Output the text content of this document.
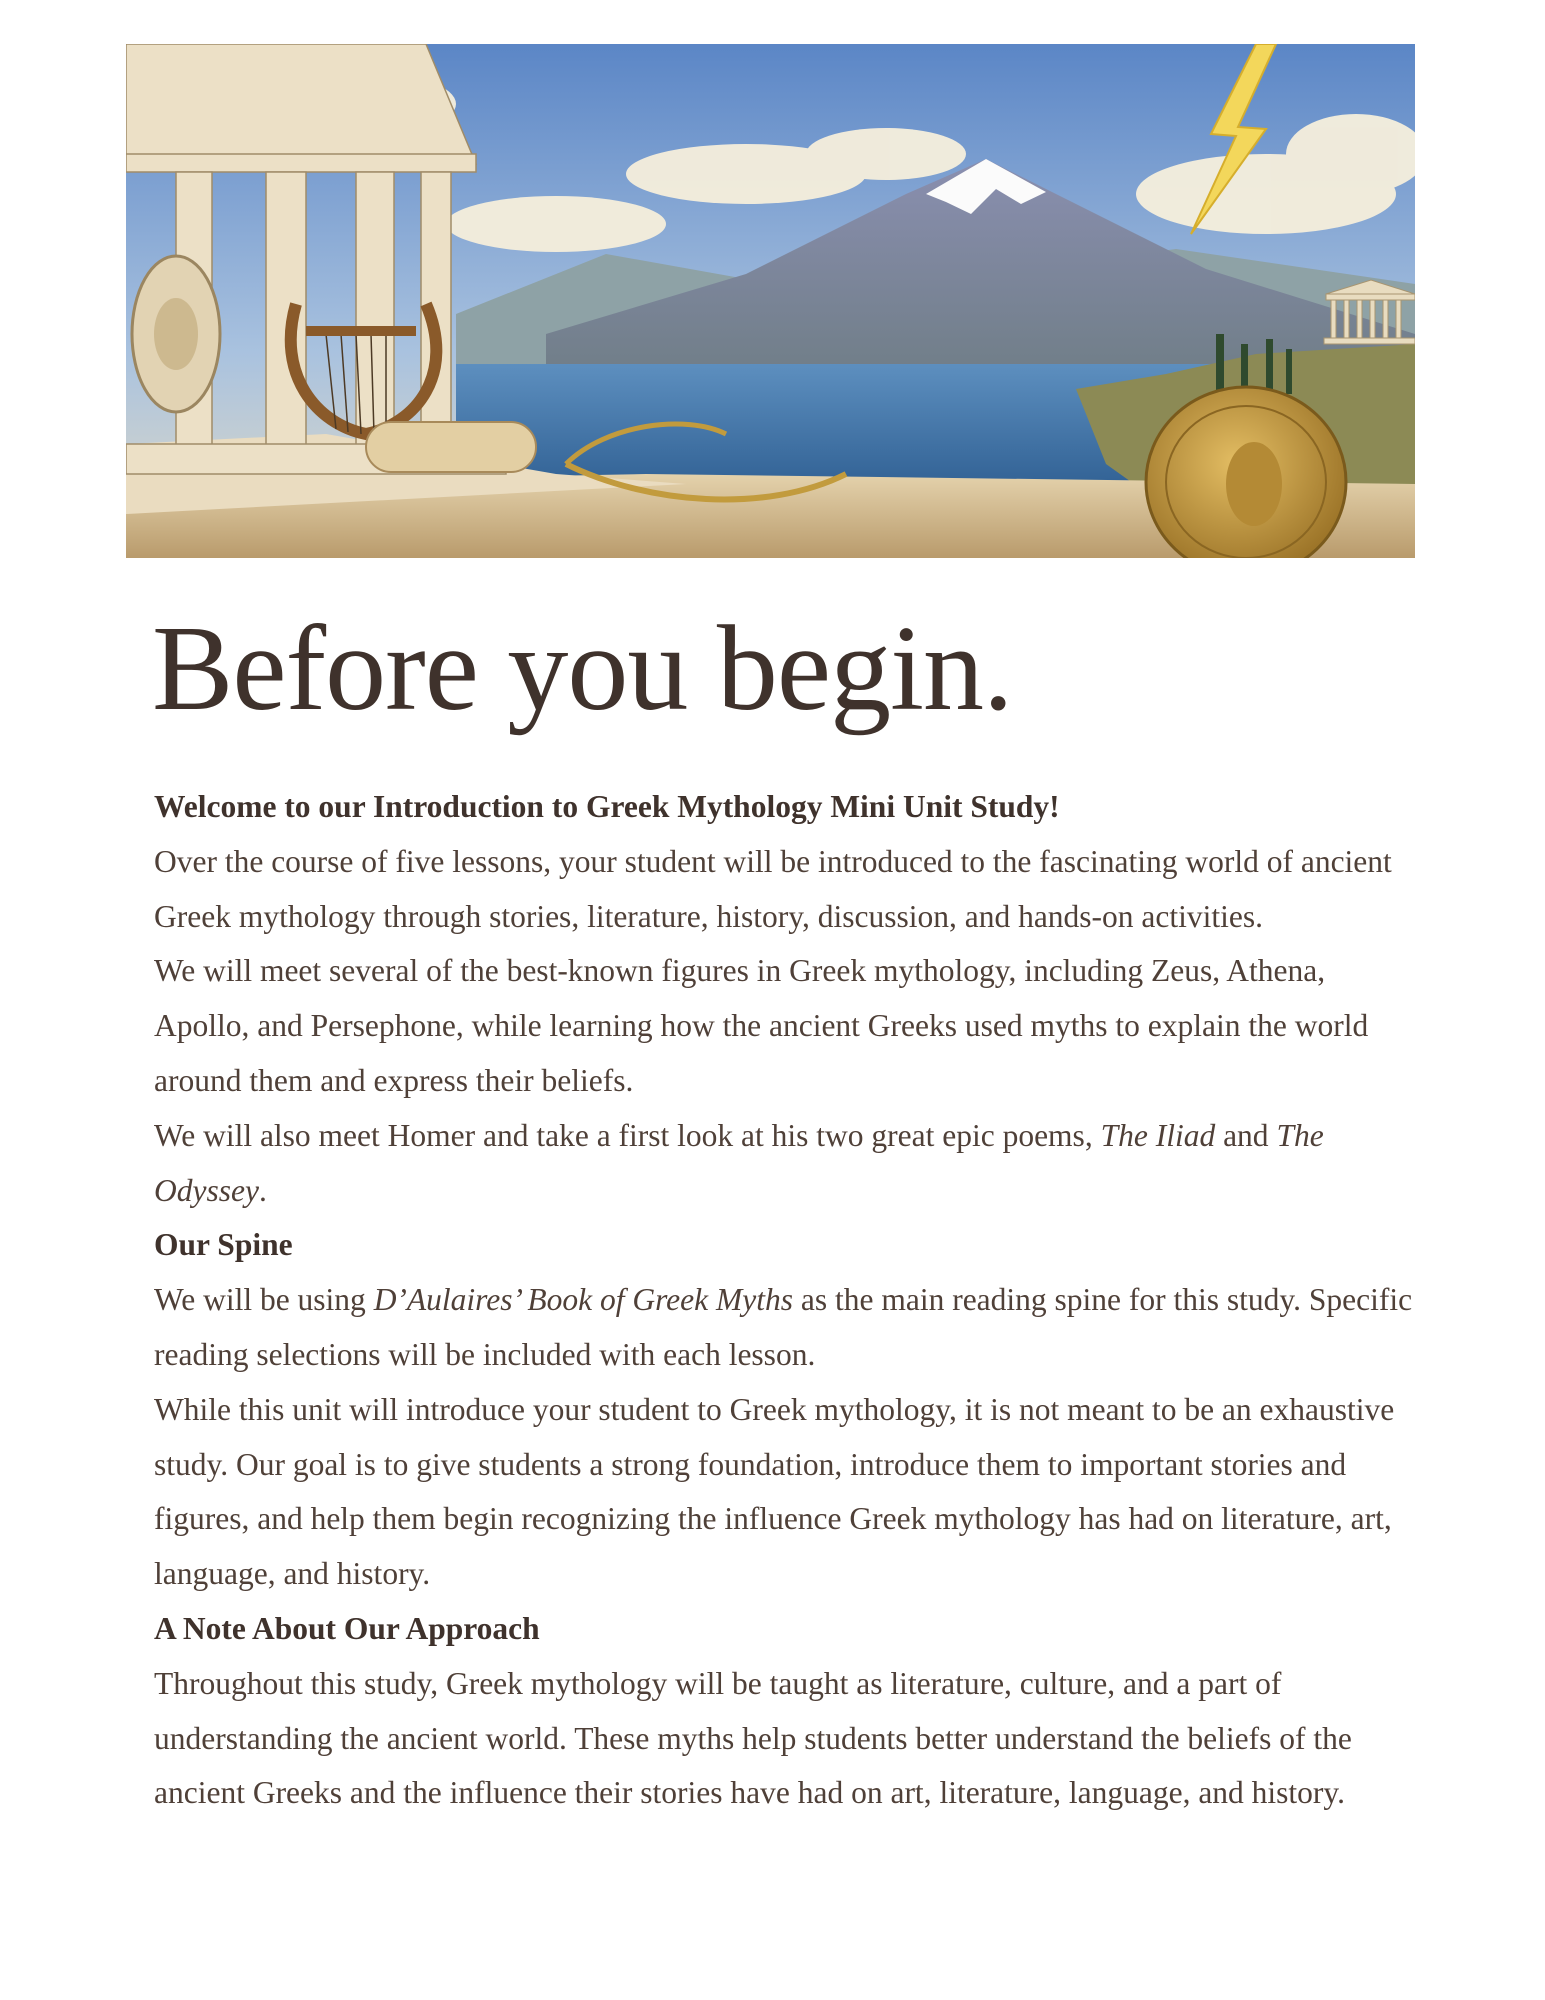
Before you begin.

Welcome to our Introduction to Greek Mythology Mini Unit Study!

Over the course of five lessons, your student will be introduced to the fascinating world of ancient Greek mythology through stories, literature, history, discussion, and hands-on activities.

We will meet several of the best-known figures in Greek mythology, including Zeus, Athena, Apollo, and Persephone, while learning how the ancient Greeks used myths to explain the world around them and express their beliefs.

We will also meet Homer and take a first look at his two great epic poems, The Iliad and The Odyssey.

Our Spine

We will be using D’Aulaires’ Book of Greek Myths as the main reading spine for this study. Specific reading selections will be included with each lesson.

While this unit will introduce your student to Greek mythology, it is not meant to be an exhaustive study. Our goal is to give students a strong foundation, introduce them to important stories and figures, and help them begin recognizing the influence Greek mythology has had on literature, art, language, and history.

A Note About Our Approach

Throughout this study, Greek mythology will be taught as literature, culture, and a part of understanding the ancient world. These myths help students better understand the beliefs of the ancient Greeks and the influence their stories have had on art, literature, language, and history.
